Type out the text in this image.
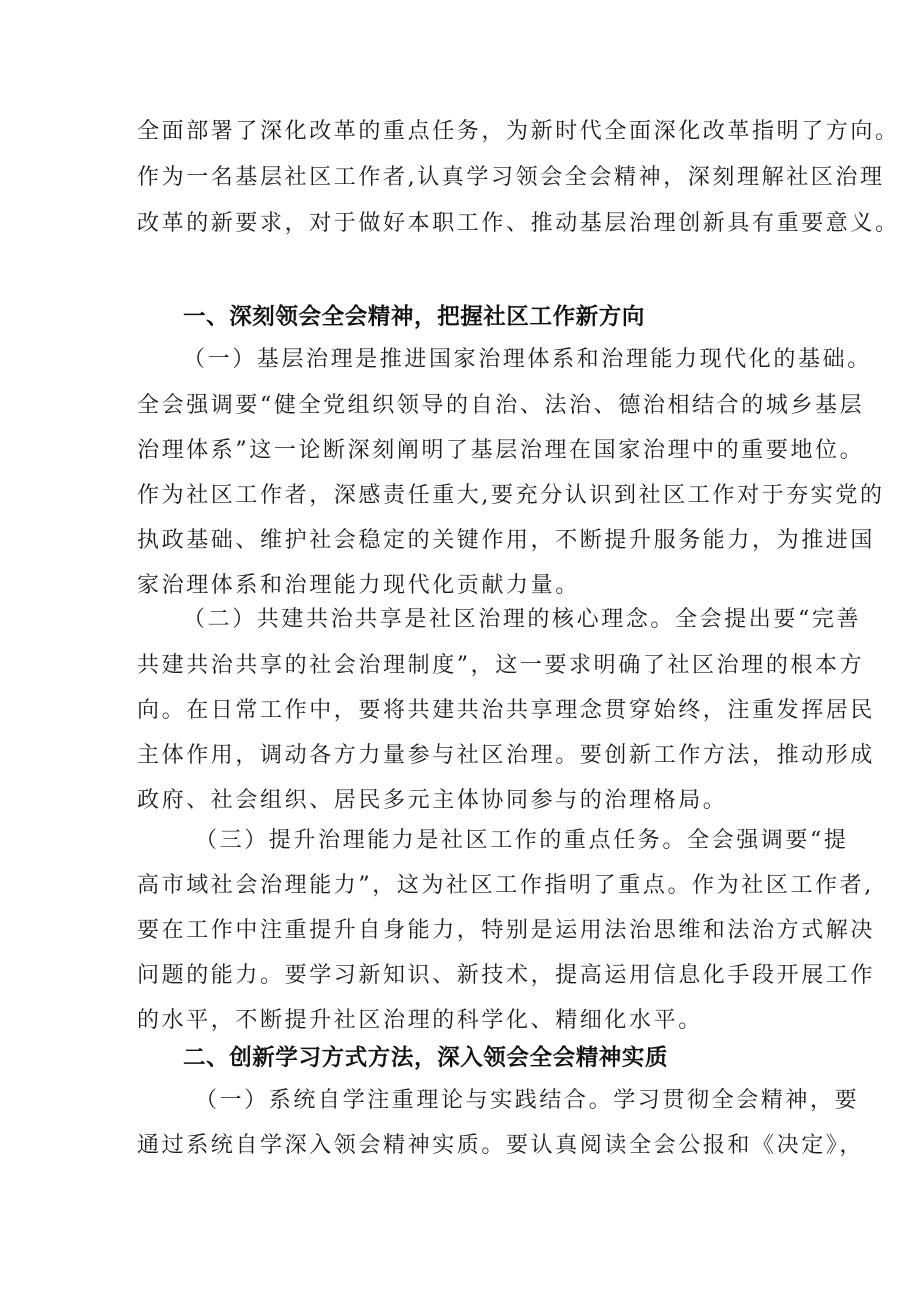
全面部署了深化改革的重点任务，为新时代全面深化改革指明了方向。
作为一名基层社区工作者,认真学习领会全会精神，深刻理解社区治理
改革的新要求，对于做好本职工作、推动基层治理创新具有重要意义。
一、深刻领会全会精神，把握社区工作新方向
（一）基层治理是推进国家治理体系和治理能力现代化的基础。
全会强调要“健全党组织领导的自治、法治、德治相结合的城乡基层
治理体系”这一论断深刻阐明了基层治理在国家治理中的重要地位。
作为社区工作者，深感责任重大,要充分认识到社区工作对于夯实党的
执政基础、维护社会稳定的关键作用，不断提升服务能力，为推进国
家治理体系和治理能力现代化贡献力量。
（二）共建共治共享是社区治理的核心理念。全会提出要“完善
共建共治共享的社会治理制度”，这一要求明确了社区治理的根本方
向。在日常工作中，要将共建共治共享理念贯穿始终，注重发挥居民
主体作用，调动各方力量参与社区治理。要创新工作方法，推动形成
政府、社会组织、居民多元主体协同参与的治理格局。
（三）提升治理能力是社区工作的重点任务。全会强调要“提
高市域社会治理能力”，这为社区工作指明了重点。作为社区工作者,
要在工作中注重提升自身能力，特别是运用法治思维和法治方式解决
问题的能力。要学习新知识、新技术，提高运用信息化手段开展工作
的水平，不断提升社区治理的科学化、精细化水平。
二、创新学习方式方法，深入领会全会精神实质
（一）系统自学注重理论与实践结合。学习贯彻全会精神，要
通过系统自学深入领会精神实质。要认真阅读全会公报和《决定》，
